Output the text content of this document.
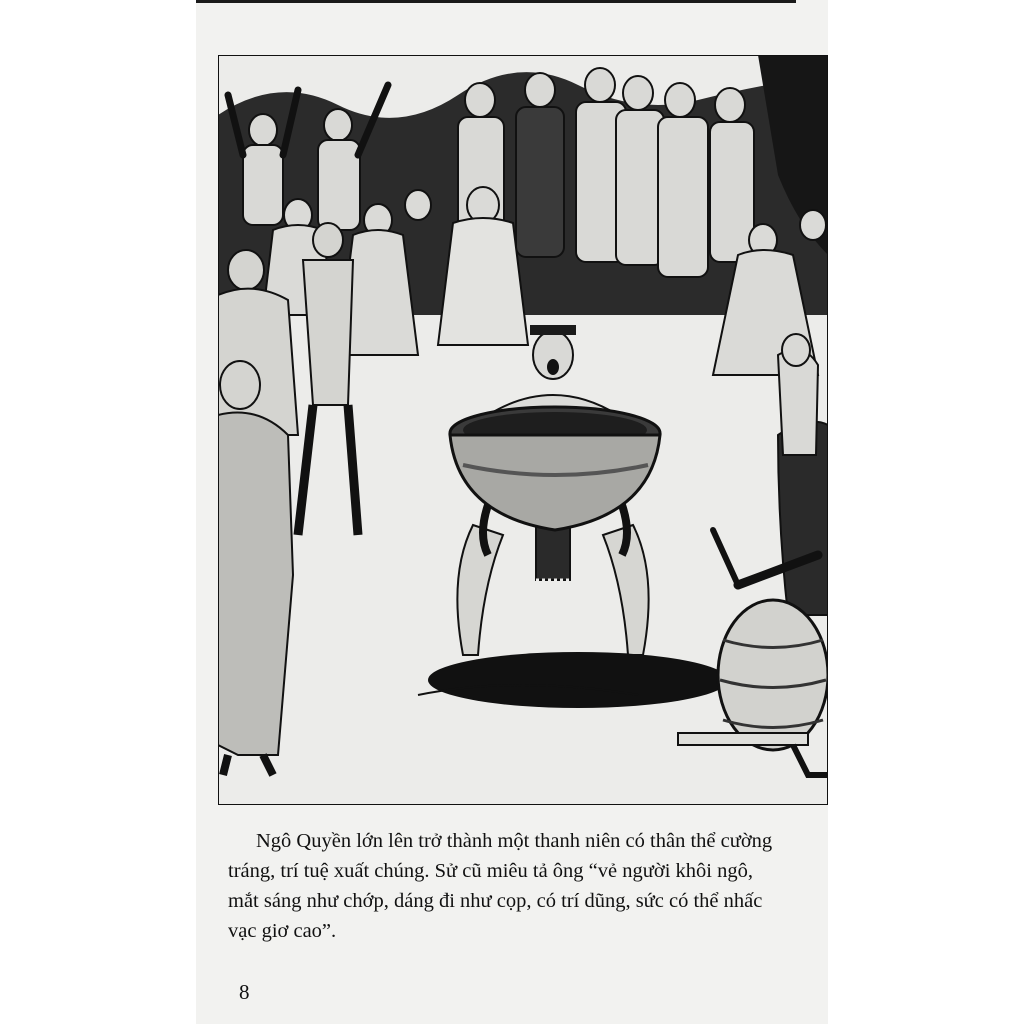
Ngô Quyền lớn lên trở thành một thanh niên có thân thể cường
tráng, trí tuệ xuất chúng. Sử cũ miêu tả ông “vẻ người khôi ngô,
mắt sáng như chớp, dáng đi như cọp, có trí dũng, sức có thể nhấc
vạc giơ cao”.

8
